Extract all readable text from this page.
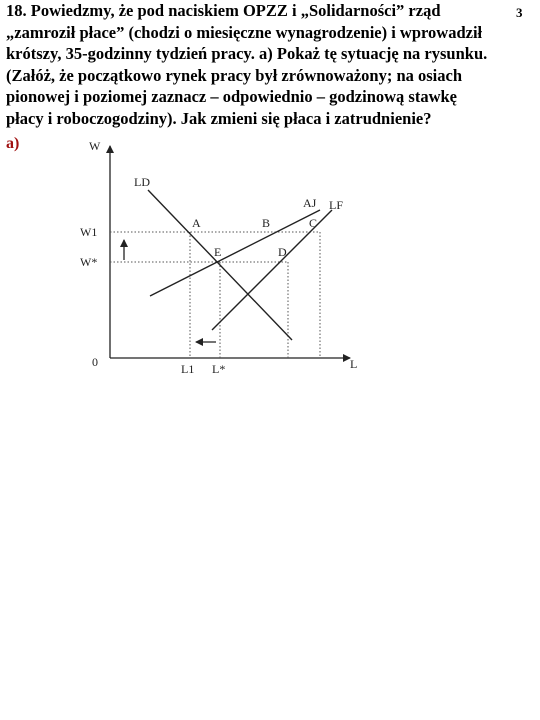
18. Powiedzmy, że pod naciskiem OPZZ i „Solidarności” rząd
„zamroził płace” (chodzi o miesięczne wynagrodzenie) i wprowadził
krótszy, 35-godzinny tydzień pracy. a) Pokaż tę sytuację na rysunku.
(Załóż, że początkowo rynek pracy był zrównoważony; na osiach
pionowej i poziomej zaznacz – odpowiednio – godzinową stawkę
płacy i roboczogodziny). Jak zmieni się płaca i zatrudnienie?
3
a)	W
L
0
LD
AJ LF
A	B	C
D
E
W1
W*
L1 L*
